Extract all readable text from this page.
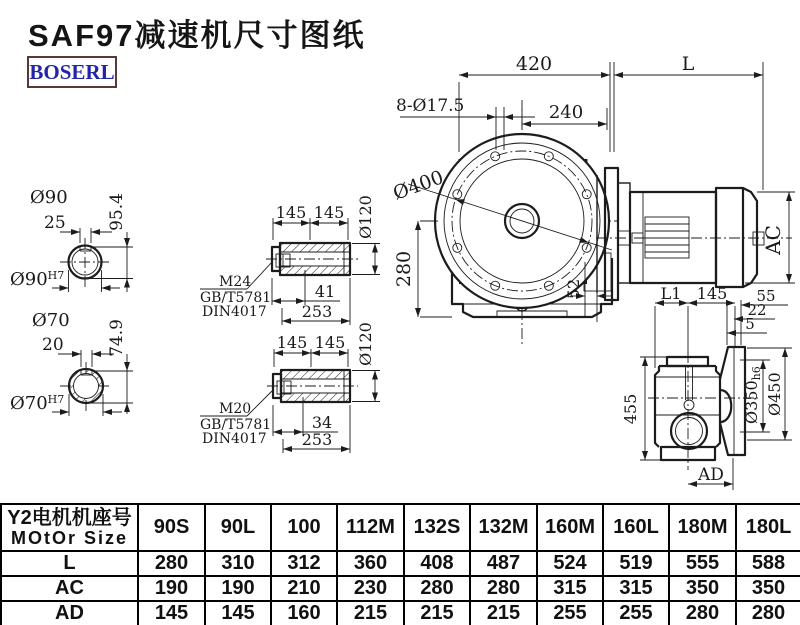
SAF97减速机尺寸图纸
BOSERL
25 95.4
Ø90
$Ø90^{H7}$
20	74.9
Ø70
$Ø70^{H7}$
145 145 Ø120
M24
GB/T5781
DIN4017
41
253
145 145 Ø120
M20
GB/T5781
DIN4017
34
253
Ø400
8-Ø17.5
420	L
240
280
52
AC
L1 145 55
22
5
455	Ø350h6 Ø450
AD
Y2电机机座号
MOtOr Size	90S	90L	100	112M	132S	132M	160M	160L	180M	180L
L	280	310	312	360	408	487	524	519	555	588
AC	190	190	210	230	280	280	315	315	350	350
AD	145	145	160	215	215	215	255	255	280	280
